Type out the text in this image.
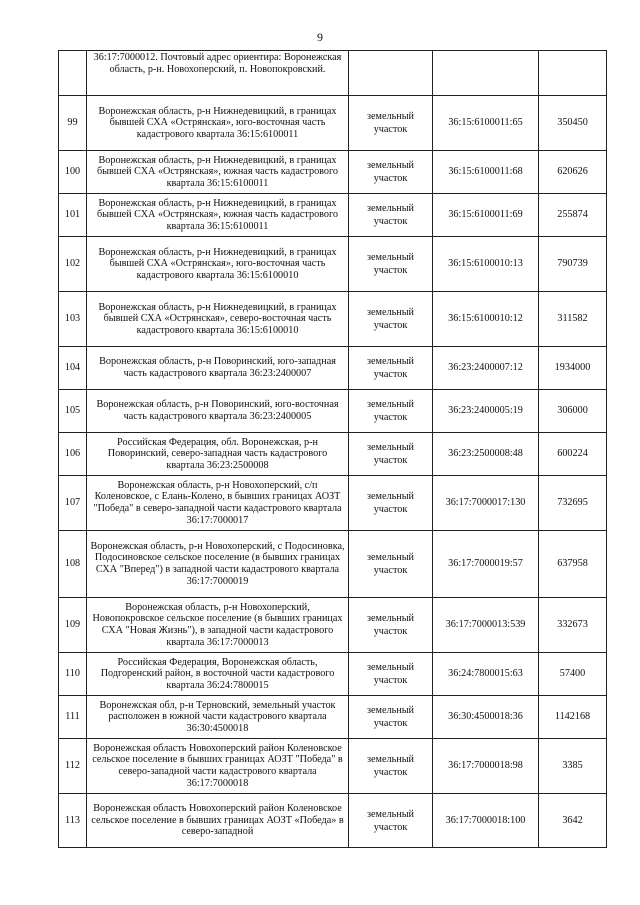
9
	36:17:7000012. Почтовый адрес ориентира: Воронежская область, р-н. Новохоперский, п. Новопокровский.			
99	Воронежская область, р-н Нижнедевицкий, в границах бывшей СХА «Острянская», юго-восточная часть кадастрового квартала 36:15:6100011	земельный участок	36:15:6100011:65	350450
100	Воронежская область, р-н Нижнедевицкий, в границах бывшей СХА «Острянская», южная часть кадастрового квартала 36:15:6100011	земельный участок	36:15:6100011:68	620626
101	Воронежская область, р-н Нижнедевицкий, в границах бывшей СХА «Острянская», южная часть кадастрового квартала 36:15:6100011	земельный участок	36:15:6100011:69	255874
102	Воронежская область, р-н Нижнедевицкий, в границах бывшей СХА «Острянская», юго-восточная часть кадастрового квартала 36:15:6100010	земельный участок	36:15:6100010:13	790739
103	Воронежская область, р-н Нижнедевицкий, в границах бывшей СХА «Острянская», северо-восточная часть кадастрового квартала 36:15:6100010	земельный участок	36:15:6100010:12	311582
104	Воронежская область, р-н Поворинский, юго-западная часть кадастрового квартала 36:23:2400007	земельный участок	36:23:2400007:12	1934000
105	Воронежская область, р-н Поворинский, юго-восточная часть кадастрового квартала 36:23:2400005	земельный участок	36:23:2400005:19	306000
106	Российская Федерация, обл. Воронежская, р-н Поворинский, северо-западная часть кадастрового квартала 36:23:2500008	земельный участок	36:23:2500008:48	600224
107	Воронежская область, р-н Новохоперский, с/п Коленовское, с Елань-Колено, в бывших границах АОЗТ "Победа" в северо-западной части кадастрового квартала 36:17:7000017	земельный участок	36:17:7000017:130	732695
108	Воронежская область, р-н Новохоперский, с Подосиновка, Подосиновское сельское поселение (в бывших границах СХА "Вперед") в западной части кадастрового квартала 36:17:7000019	земельный участок	36:17:7000019:57	637958
109	Воронежская область, р-н Новохоперский, Новопокровское сельское поселение (в бывших границах СХА "Новая Жизнь"), в западной части кадастрового квартала 36:17:7000013	земельный участок	36:17:7000013:539	332673
110	Российская Федерация, Воронежская область, Подгоренский район, в восточной части кадастрового квартала 36:24:7800015	земельный участок	36:24:7800015:63	57400
111	Воронежская обл, р-н Терновский, земельный участок расположен в южной части кадастрового квартала 36:30:4500018	земельный участок	36:30:4500018:36	1142168
112	Воронежская область Новохоперский район Коленовское сельское поселение в бывших границах АОЗТ "Победа" в северо-западной части кадастрового квартала 36:17:7000018	земельный участок	36:17:7000018:98	3385
113	Воронежская область Новохоперский район Коленовское сельское поселение в бывших границах АОЗТ «Победа» в северо-западной	земельный участок	36:17:7000018:100	3642
